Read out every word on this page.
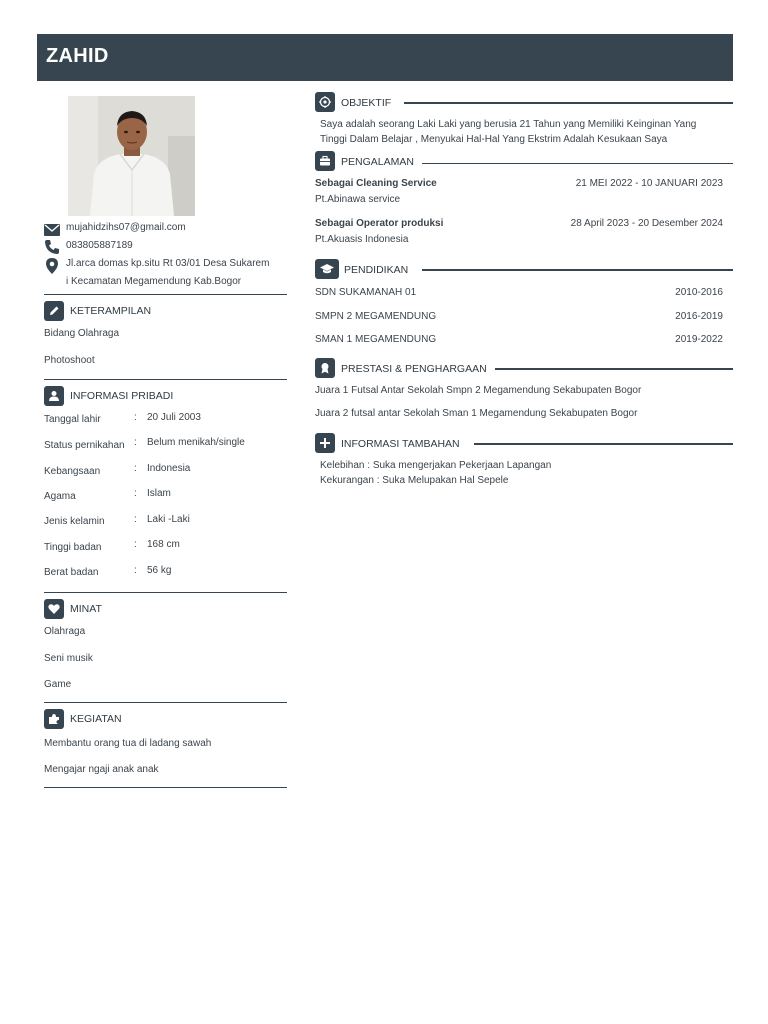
ZAHID
mujahidzihs07@gmail.com
083805887189
Jl.arca domas kp.situ Rt 03/01 Desa Sukarem
i Kecamatan Megamendung Kab.Bogor
KETERAMPILAN
Bidang Olahraga
Photoshoot
INFORMASI PRIBADI
Tanggal lahir	: 20 Juli 2003
Status pernikahan : Belum menikah/single
Kebangsaan	: Indonesia
Agama	: Islam
Jenis kelamin	: Laki -Laki
Tinggi badan	: 168 cm
Berat badan	: 56 kg
MINAT
Olahraga
Seni musik
Game
KEGIATAN
Membantu orang tua di ladang sawah
Mengajar ngaji anak anak
OBJEKTIF
Saya adalah seorang Laki Laki yang berusia 21 Tahun yang Memiliki Keinginan Yang
Tinggi Dalam Belajar , Menyukai Hal-Hal Yang Ekstrim Adalah Kesukaan Saya
PENGALAMAN
Sebagai Cleaning Service	21 MEI 2022 - 10 JANUARI 2023
Pt.Abinawa service
Sebagai Operator produksi	28 April 2023 - 20 Desember 2024
Pt.Akuasis Indonesia
PENDIDIKAN
SDN SUKAMANAH 01	2010-2016
SMPN 2 MEGAMENDUNG	2016-2019
SMAN 1 MEGAMENDUNG	2019-2022
PRESTASI & PENGHARGAAN
Juara 1 Futsal Antar Sekolah Smpn 2 Megamendung Sekabupaten Bogor
Juara 2 futsal antar Sekolah Sman 1 Megamendung Sekabupaten Bogor
INFORMASI TAMBAHAN
Kelebihan : Suka mengerjakan Pekerjaan Lapangan
Kekurangan : Suka Melupakan Hal Sepele
